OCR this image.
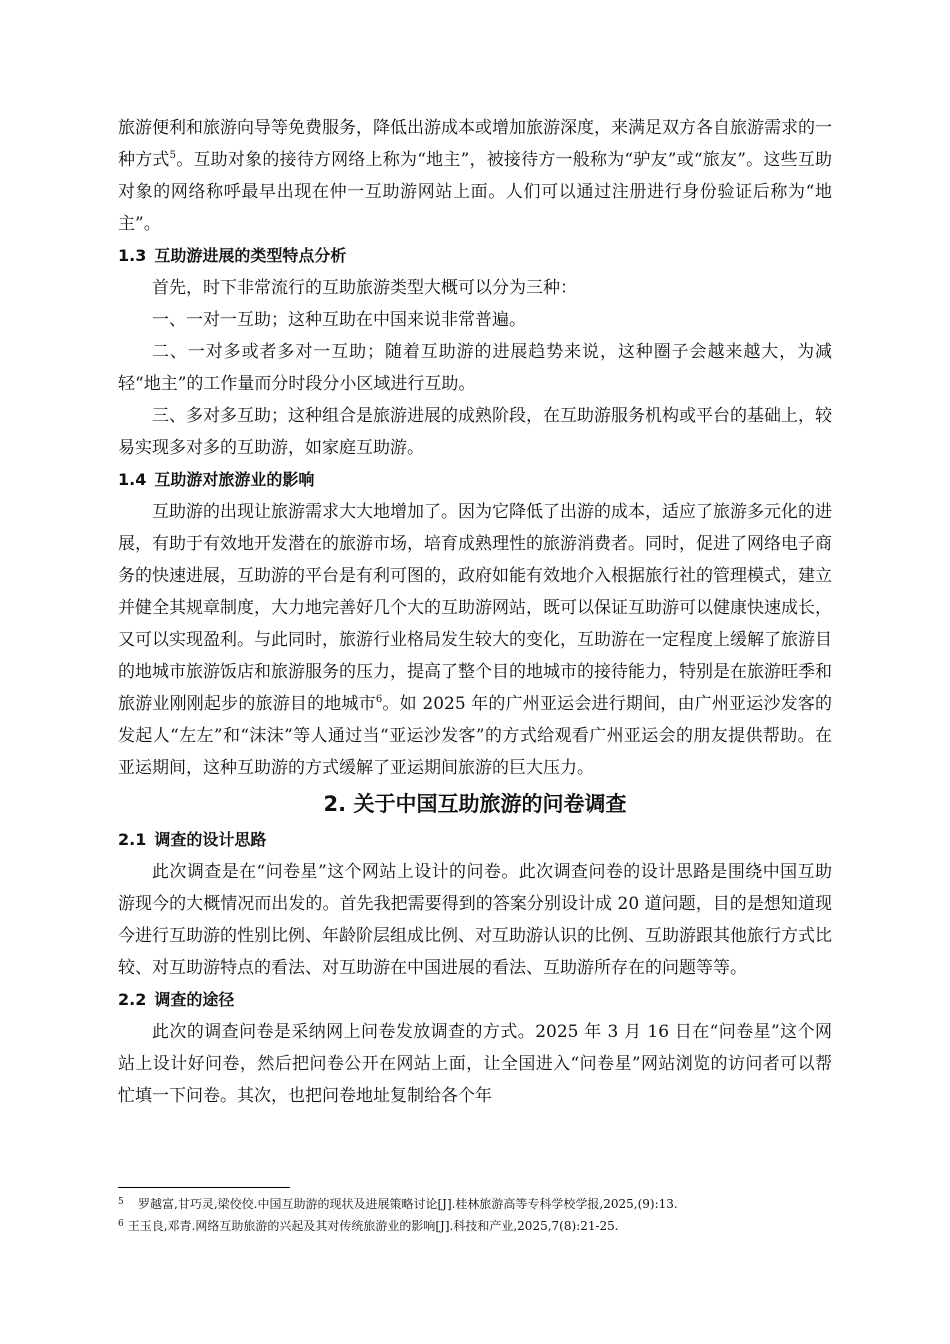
旅游便利和旅游向导等免费服务，降低出游成本或增加旅游深度，来满足双方各自旅游需求的一种方式$^5$。互助对象的接待方网络上称为“地主”，被接待方一般称为“驴友”或“旅友”。这些互助对象的网络称呼最早出现在仲一互助游网站上面。人们可以通过注册进行身份验证后称为“地主”。

1.3 互助游进展的类型特点分析

首先，时下非常流行的互助旅游类型大概可以分为三种：

一、一对一互助；这种互助在中国来说非常普遍。

二、一对多或者多对一互助；随着互助游的进展趋势来说，这种圈子会越来越大，为减轻“地主”的工作量而分时段分小区域进行互助。

三、多对多互助；这种组合是旅游进展的成熟阶段，在互助游服务机构或平台的基础上，较易实现多对多的互助游，如家庭互助游。

1.4 互助游对旅游业的影响

互助游的出现让旅游需求大大地增加了。因为它降低了出游的成本，适应了旅游多元化的进展，有助于有效地开发潜在的旅游市场，培育成熟理性的旅游消费者。同时，促进了网络电子商务的快速进展，互助游的平台是有利可图的，政府如能有效地介入根据旅行社的管理模式，建立并健全其规章制度，大力地完善好几个大的互助游网站，既可以保证互助游可以健康快速成长，又可以实现盈利。与此同时，旅游行业格局发生较大的变化，互助游在一定程度上缓解了旅游目的地城市旅游饭店和旅游服务的压力，提高了整个目的地城市的接待能力，特别是在旅游旺季和旅游业刚刚起步的旅游目的地城市$^6$。如 2025 年的广州亚运会进行期间，由广州亚运沙发客的发起人“左左”和“沫沫”等人通过当“亚运沙发客”的方式给观看广州亚运会的朋友提供帮助。在亚运期间，这种互助游的方式缓解了亚运期间旅游的巨大压力。

2. 关于中国互助旅游的问卷调查
2.1 调查的设计思路

此次调查是在“问卷星”这个网站上设计的问卷。此次调查问卷的设计思路是围绕中国互助游现今的大概情况而出发的。首先我把需要得到的答案分别设计成 20 道问题，目的是想知道现今进行互助游的性别比例、年龄阶层组成比例、对互助游认识的比例、互助游跟其他旅行方式比较、对互助游特点的看法、对互助游在中国进展的看法、互助游所存在的问题等等。

2.2 调查的途径

此次的调查问卷是采纳网上问卷发放调查的方式。2025 年 3 月 16 日在“问卷星”这个网站上设计好问卷，然后把问卷公开在网站上面，让全国进入“问卷星”网站浏览的访问者可以帮忙填一下问卷。其次，也把问卷地址复制给各个年

5 罗越富,甘巧灵,梁佼佼.中国互助游的现状及进展策略讨论[J].桂林旅游高等专科学校学报,2025,(9):13.

6 王玉良,邓青.网络互助旅游的兴起及其对传统旅游业的影响[J].科技和产业,2025,7(8):21-25.
